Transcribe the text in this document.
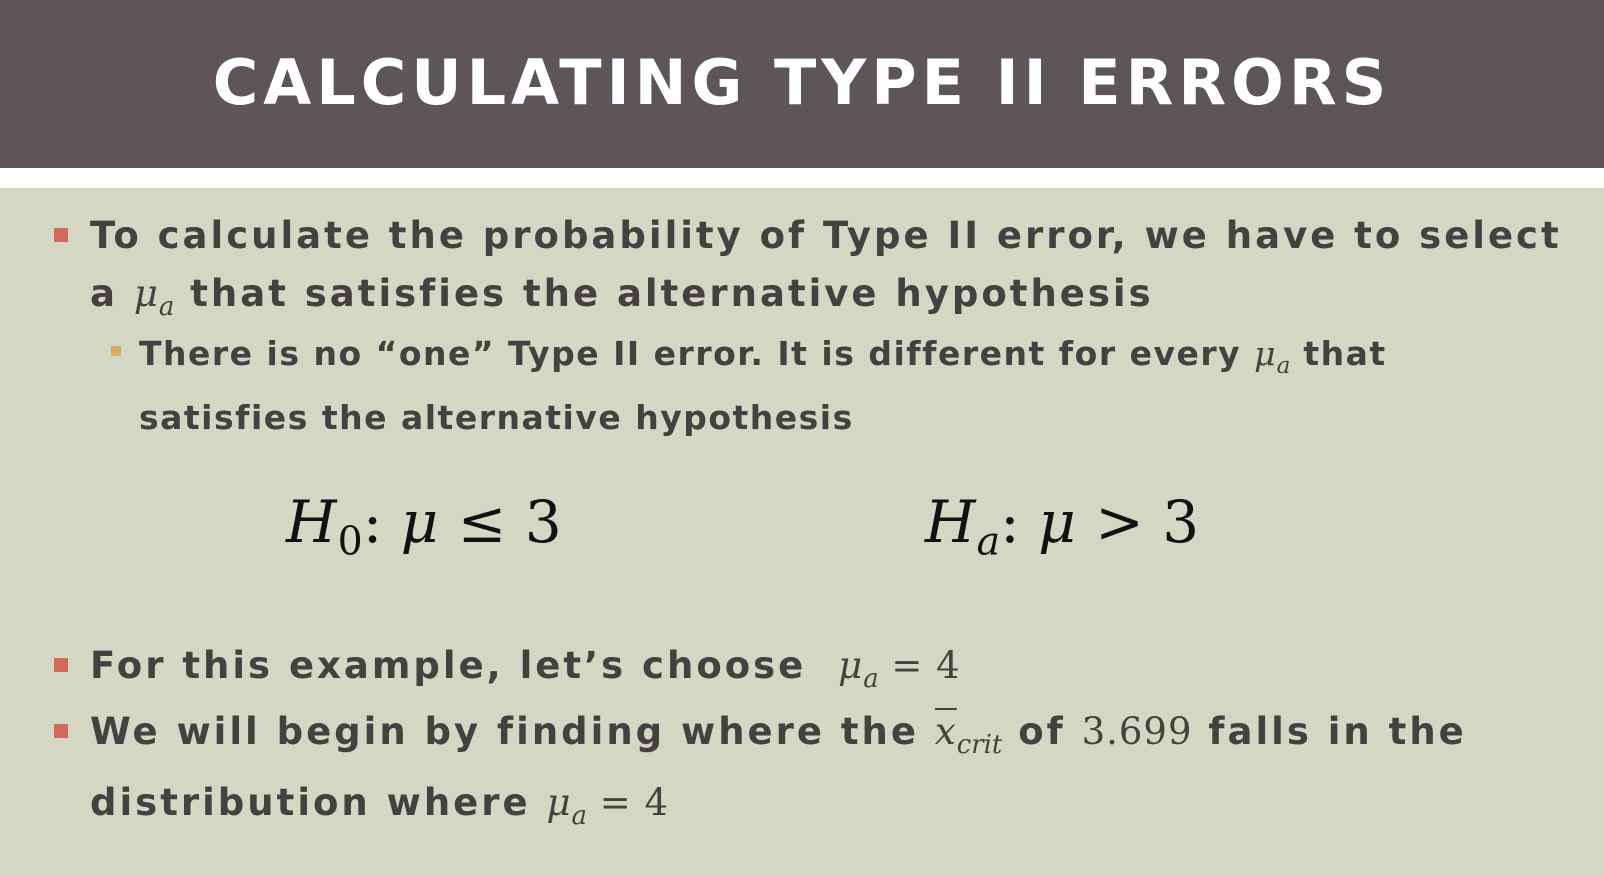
CALCULATING TYPE II ERRORS
To calculate the probability of Type II error, we have to select
a $\mu_a$ that satisfies the alternative hypothesis
There is no “one” Type II error. It is different for every $\mu_a$ that
satisfies the alternative hypothesis
$H_0$: μ ≤ 3	$H_a$: μ > 3
For this example, let’s choose $\mu_a = 4$
We will begin by finding where the $\overline{x}_{crit}$ of 3.699 falls in the
distribution where $\mu_a = 4$
